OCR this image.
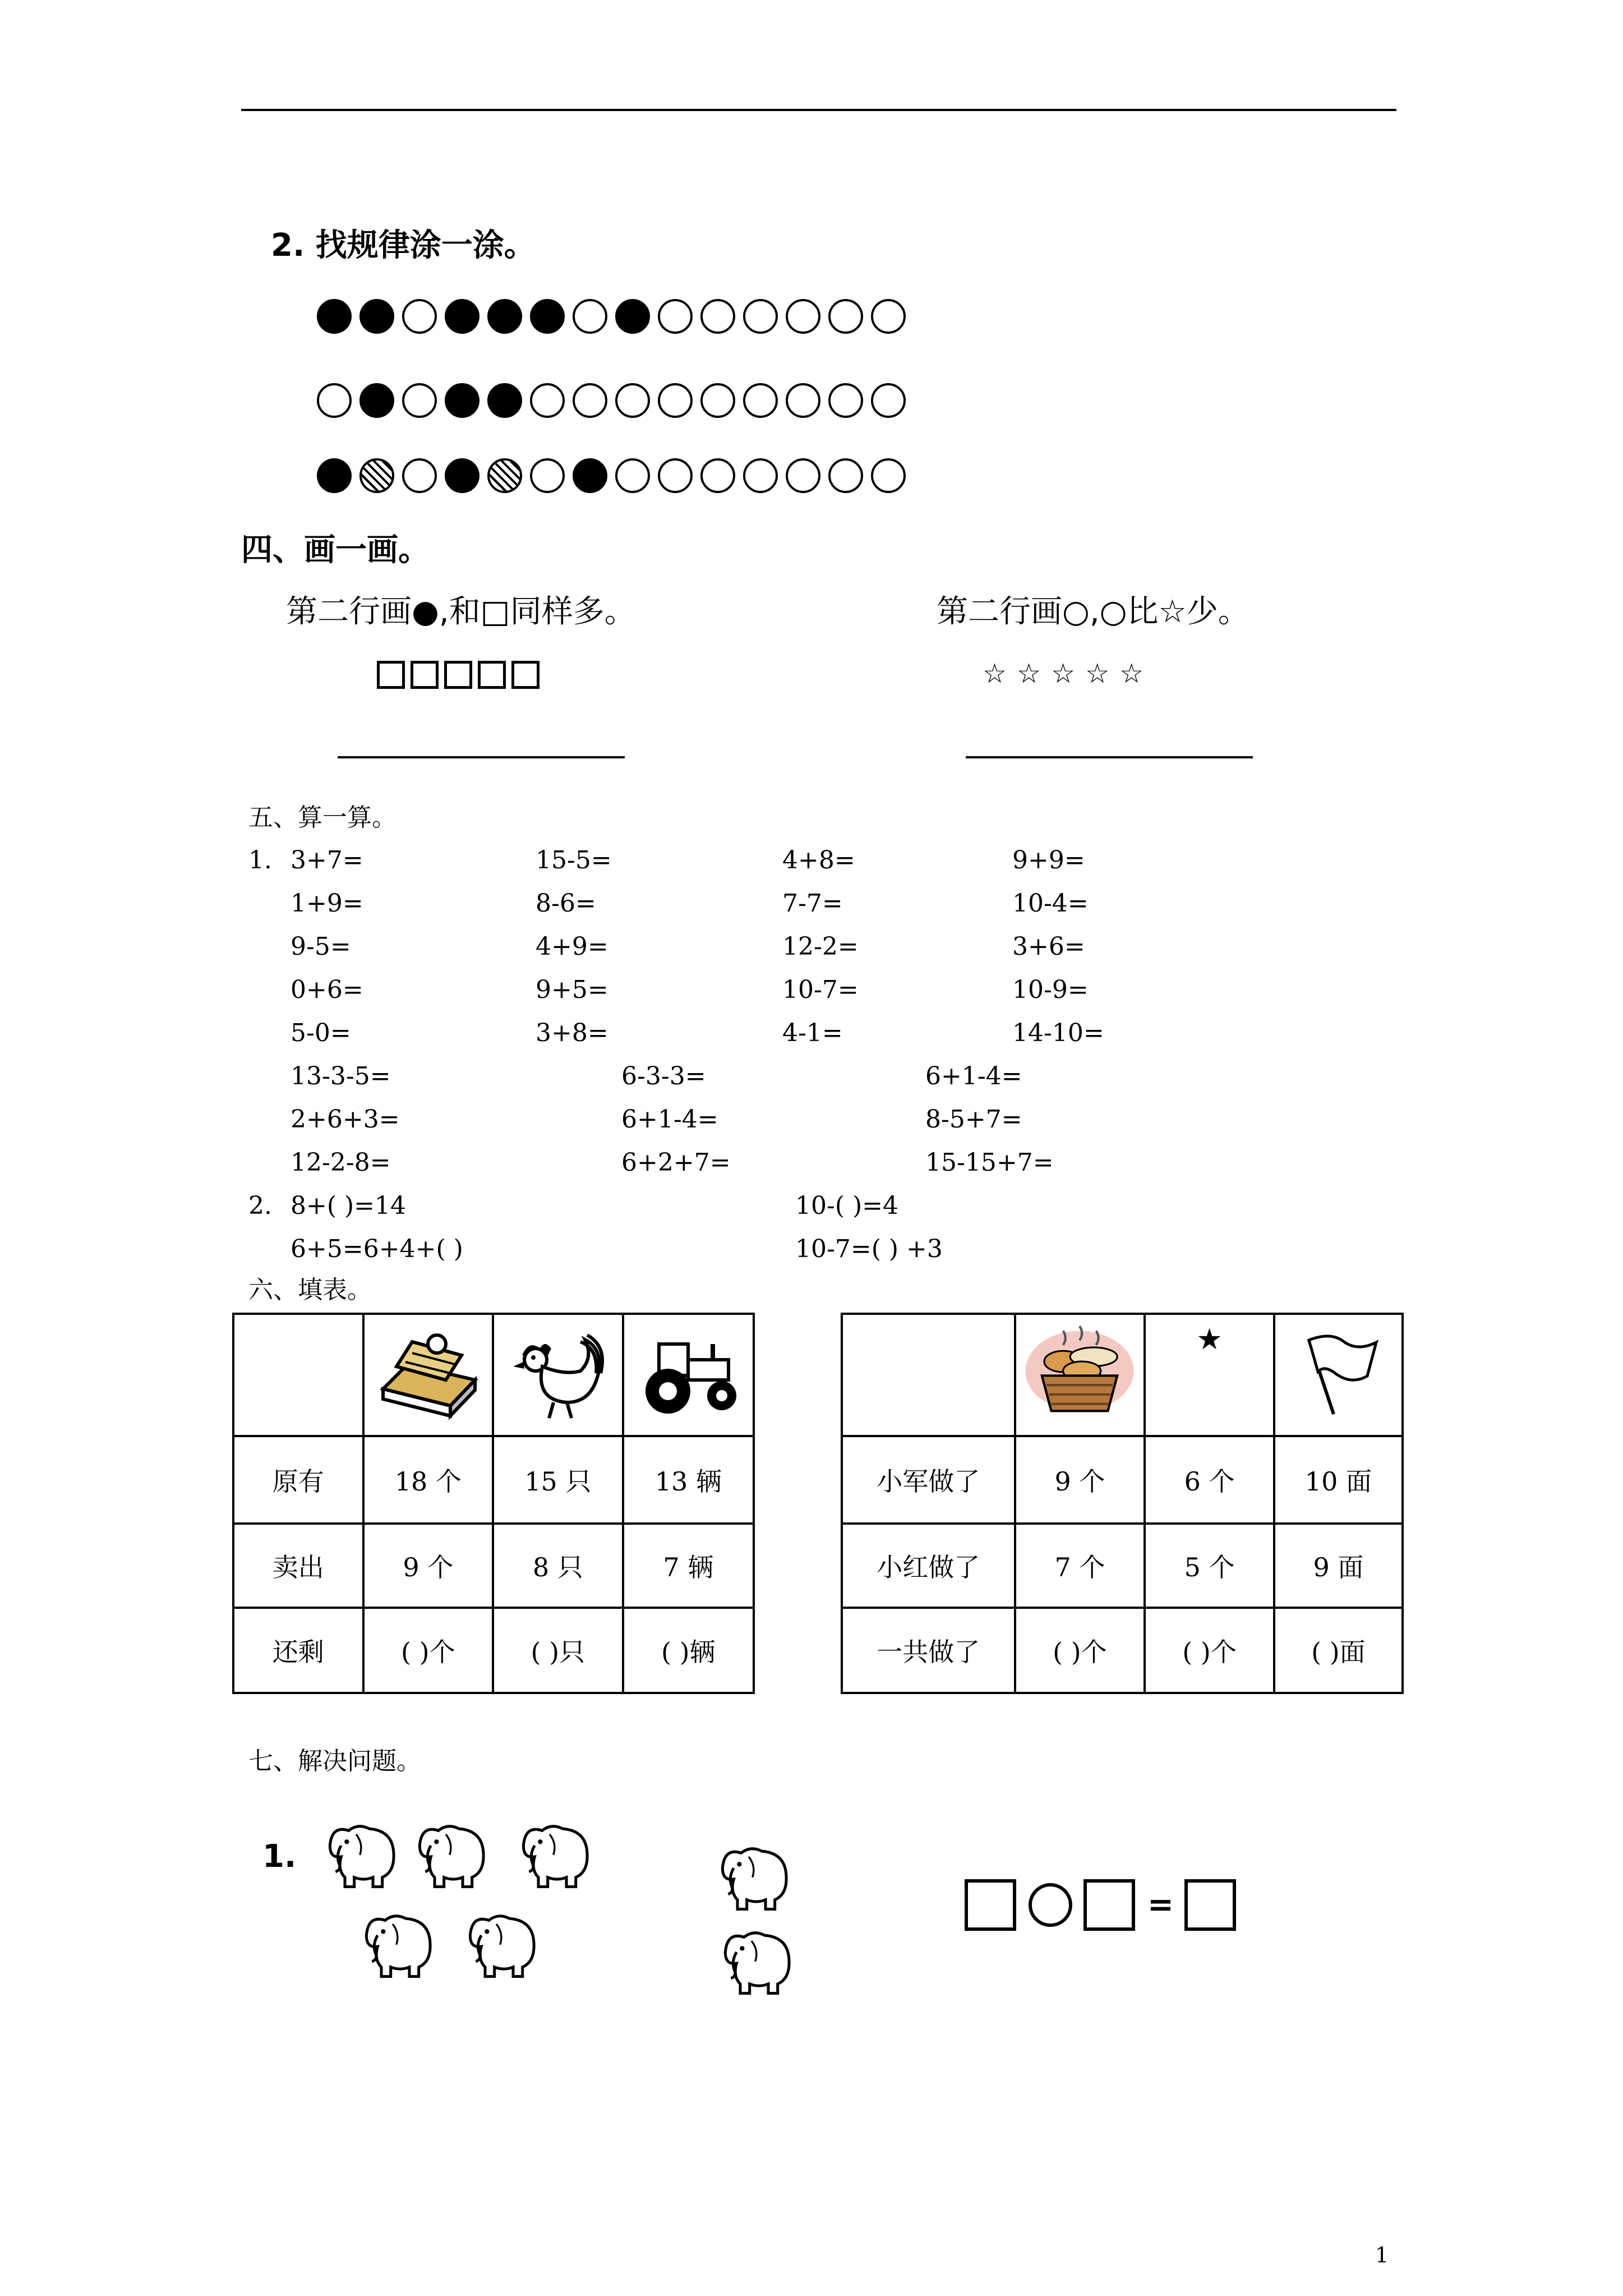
2. 找规律涂一涂。
四、画一画。
第二行画●,和□同样多。	第二行画○,○比☆少。
☆ ☆ ☆ ☆ ☆
五、算一算。
1.
2. 8+( )=14	10-( )=4
6+5=6+4+( )	10-7=( ) +3
六、填表。

原有	18 个	15 只	13 辆
卖出	9 个	8 只	7 辆
还剩	( )个	( )只	( )辆

★

小军做了	9 个	6 个	10 面
小红做了	7 个	5 个	9 面
一共做了	( )个	( )个	( )面
七、解决问题。
1.
=
1
3+7=	15-5=	4+8=	9+9=
1+9=	8-6=	7-7=	10-4=
9-5=	4+9=	12-2=	3+6=
0+6=	9+5=	10-7=	10-9=
5-0=	3+8=	4-1=	14-10=
13-3-5=	6-3-3=	6+1-4=
2+6+3=	6+1-4=	8-5+7=
12-2-8=	6+2+7=	15-15+7=
